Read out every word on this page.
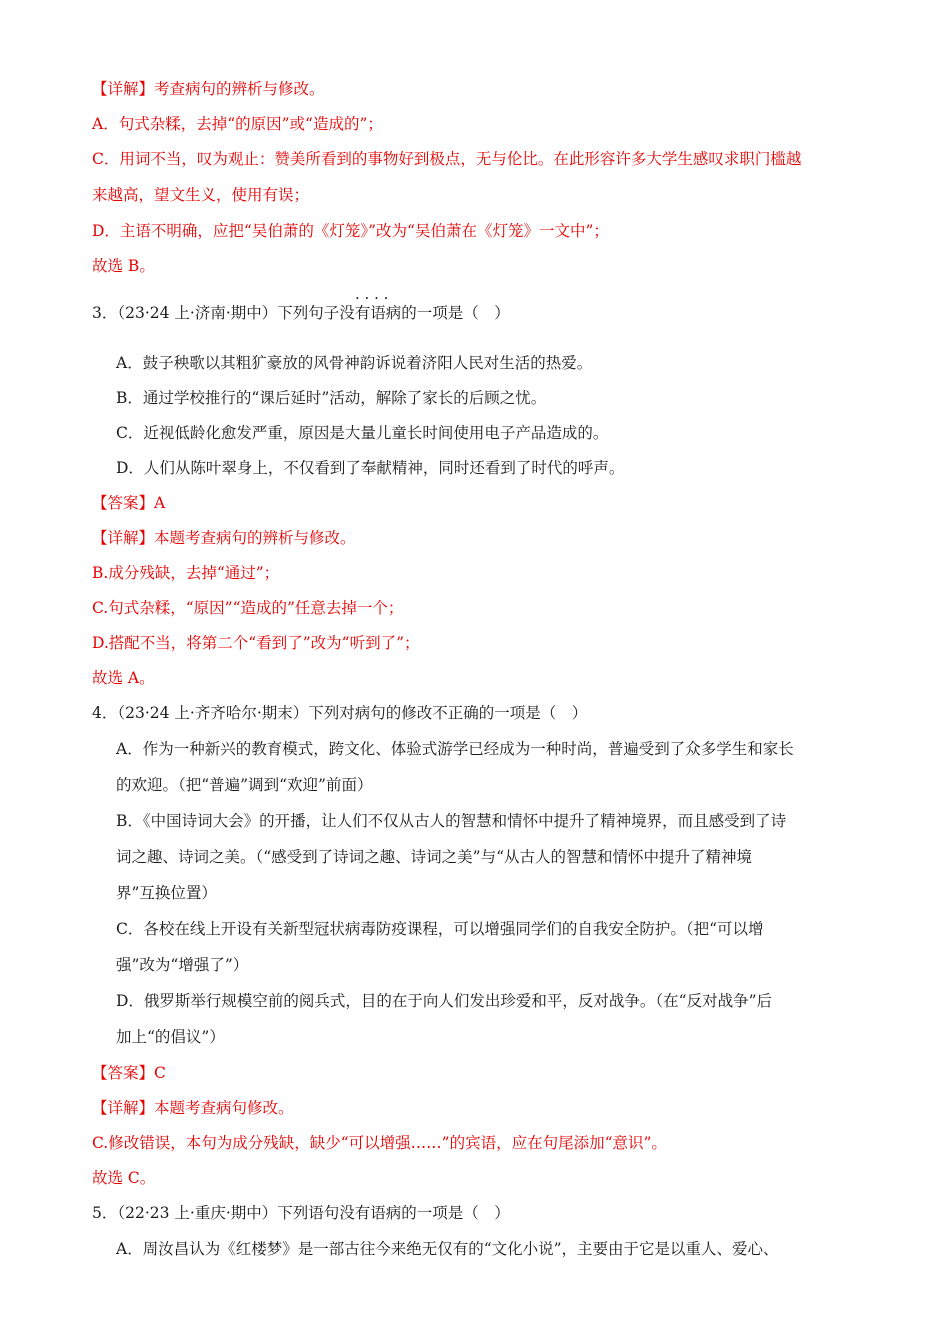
【详解】考查病句的辨析与修改。
A．句式杂糅，去掉“的原因”或“造成的”；
C．用词不当，叹为观止：赞美所看到的事物好到极点，无与伦比。在此形容许多大学生感叹求职门槛越
来越高，望文生义，使用有误；
D．主语不明确，应把“吴伯萧的《灯笼》”改为“吴伯萧在《灯笼》一文中”；
故选 B。
· · · ·
3．（23·24 上·济南·期中）下列句子没有语病的一项是（　）
A．鼓子秧歌以其粗犷豪放的风骨神韵诉说着济阳人民对生活的热爱。
B．通过学校推行的“课后延时”活动，解除了家长的后顾之忧。
C．近视低龄化愈发严重，原因是大量儿童长时间使用电子产品造成的。
D．人们从陈叶翠身上，不仅看到了奉献精神，同时还看到了时代的呼声。
【答案】A
【详解】本题考查病句的辨析与修改。
B.成分残缺，去掉“通过”；
C.句式杂糅，“原因”“造成的”任意去掉一个；
D.搭配不当，将第二个“看到了”改为“听到了”；
故选 A。
4．（23·24 上·齐齐哈尔·期末）下列对病句的修改不正确的一项是（　）
A．作为一种新兴的教育模式，跨文化、体验式游学已经成为一种时尚，普遍受到了众多学生和家长
的欢迎。（把“普遍”调到“欢迎”前面）
B．《中国诗词大会》的开播，让人们不仅从古人的智慧和情怀中提升了精神境界，而且感受到了诗
词之趣、诗词之美。（“感受到了诗词之趣、诗词之美”与“从古人的智慧和情怀中提升了精神境
界”互换位置）
C．各校在线上开设有关新型冠状病毒防疫课程，可以增强同学们的自我安全防护。（把“可以增
强”改为“增强了”）
D．俄罗斯举行规模空前的阅兵式，目的在于向人们发出珍爱和平，反对战争。（在“反对战争”后
加上“的倡议”）
【答案】C
【详解】本题考查病句修改。
C.修改错误，本句为成分残缺，缺少“可以增强……”的宾语，应在句尾添加“意识”。
故选 C。
5．（22·23 上·重庆·期中）下列语句没有语病的一项是（　）
A．周汝昌认为《红楼梦》是一部古往今来绝无仅有的“文化小说”，主要由于它是以重人、爱心、
